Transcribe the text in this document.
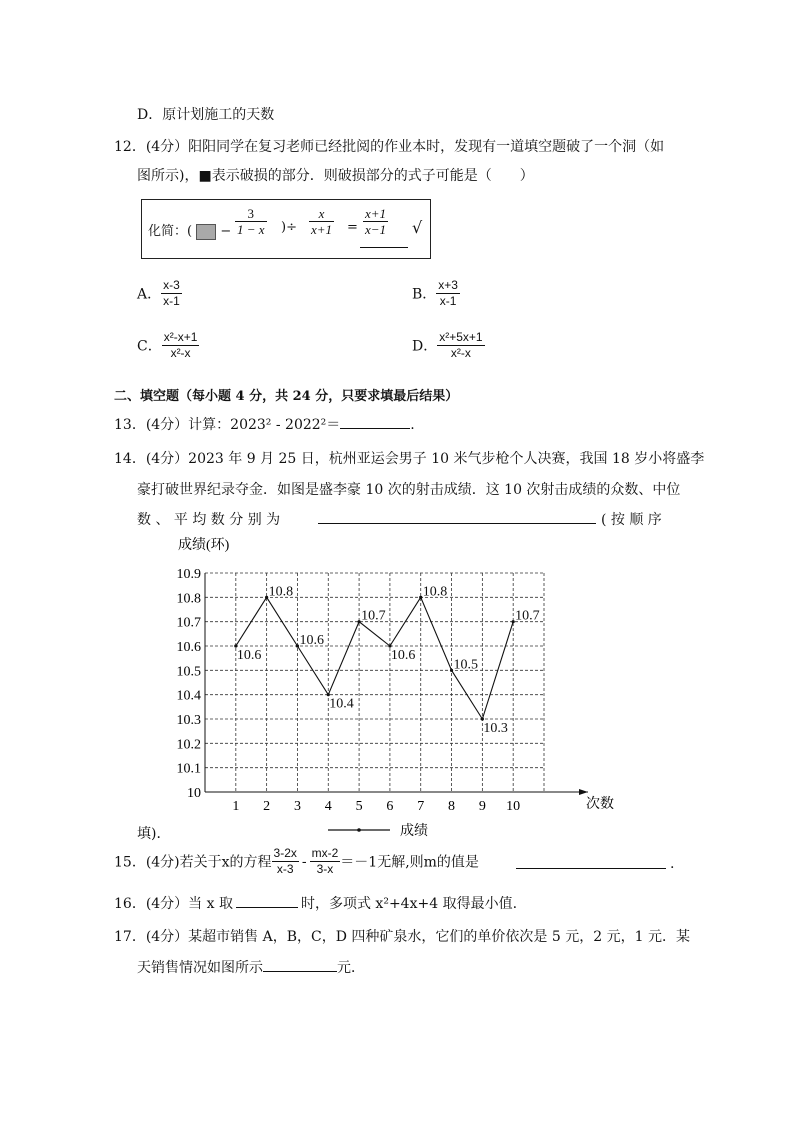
D．原计划施工的天数
12．(4分）阳阳同学在复习老师已经批阅的作业本时，发现有一道填空题破了一个洞（如
图所示)，■表示破损的部分．则破损部分的式子可能是（　　）
化简：( − $\frac{3}{1 - x}$ )÷ $\frac{x}{x+1} = \frac{x+1}{x-1}$ √
A． $\frac{x-3}{x-1}$	B． $\frac{x+3}{x-1}$
C． $\frac{\text{x²-x+1}}{\text{x²-x}}$	D． $\frac{\text{x²+5x+1}}{\text{x²-x}}$
二、填空题（每小题 4 分，共 24 分，只要求填最后结果）
13．(4分）计算：2023² - 2022²＝	.
14．(4分）2023 年 9 月 25 日，杭州亚运会男子 10 米气步枪个人决赛，我国 18 岁小将盛李
豪打破世界纪录夺金．如图是盛李豪 10 次的射击成绩．这 10 次射击成绩的众数、中位
数 、 平 均 数 分 别 为	( 按 顺 序
10
10.1
10.2
10.3
10.4
10.5
10.6
10.7
10.8
10.9
1 2 3 4 5 6 7 8 9 10
10.6
10.8
10.6
10.4
10.7
10.6
10.8
10.5
10.3
10.7
成绩(环)
次数
成绩
填)．
15．(4分)若关于x的方程 $\frac{3-2x}{x-3} - \frac{mx-2}{3-x} =-1$无解,则m的值是	.
16．(4分）当 x 取	时，多项式 x²+4x+4 取得最小值.
17．(4分）某超市销售 A，B，C，D 四种矿泉水，它们的单价依次是 5 元，2 元，1 元．某
天销售情况如图所示	元．
